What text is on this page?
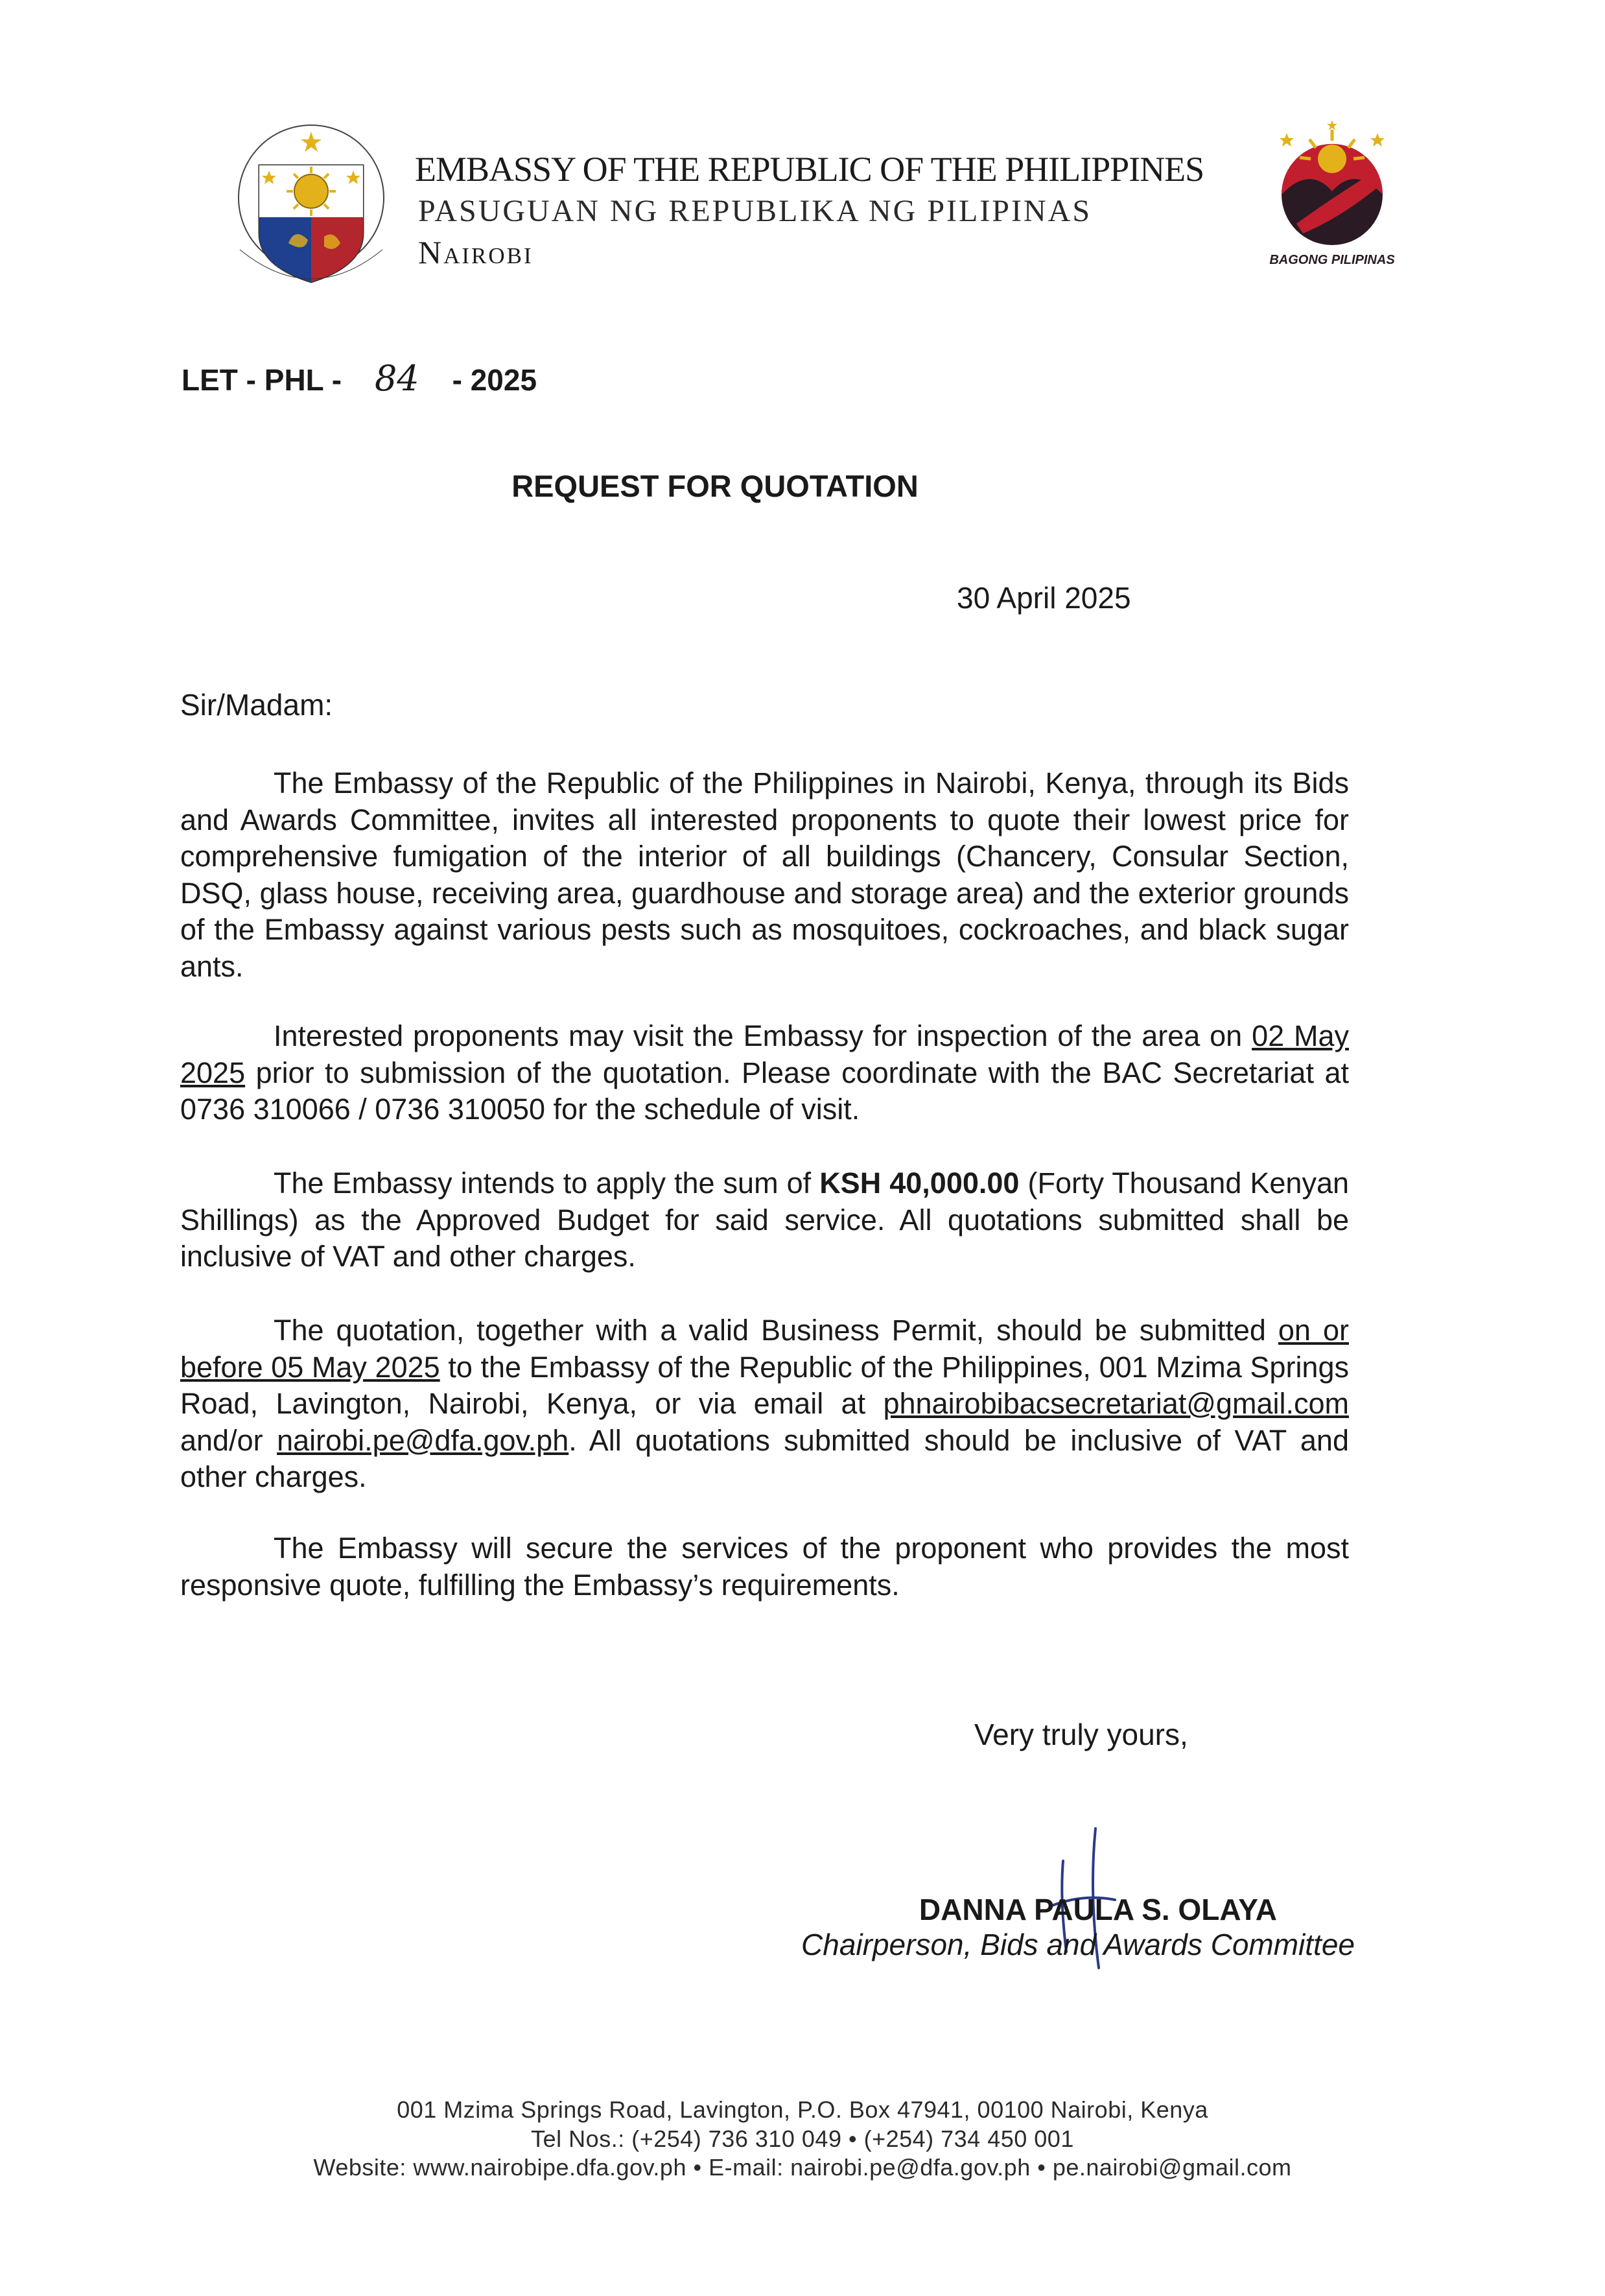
EMBASSY OF THE REPUBLIC OF THE PHILIPPINES
PASUGUAN NG REPUBLIKA NG PILIPINAS
Nairobi	BAGONG PILIPINAS
LET - PHL - 84 - 2025
REQUEST FOR QUOTATION
30 April 2025
Sir/Madam:

The Embassy of the Republic of the Philippines in Nairobi, Kenya, through its Bids and Awards Committee, invites all interested proponents to quote their lowest price for comprehensive fumigation of the interior of all buildings (Chancery, Consular Section, DSQ, glass house, receiving area, guardhouse and storage area) and the exterior grounds of the Embassy against various pests such as mosquitoes, cockroaches, and black sugar ants.

Interested proponents may visit the Embassy for inspection of the area on 02 May 2025 prior to submission of the quotation. Please coordinate with the BAC Secretariat at 0736 310066 / 0736 310050 for the schedule of visit.

The Embassy intends to apply the sum of KSH 40,000.00 (Forty Thousand Kenyan Shillings) as the Approved Budget for said service. All quotations submitted shall be inclusive of VAT and other charges.

The quotation, together with a valid Business Permit, should be submitted on or before 05 May 2025 to the Embassy of the Republic of the Philippines, 001 Mzima Springs Road, Lavington, Nairobi, Kenya, or via email at phnairobibacsecretariat@gmail.com and/or nairobi.pe@dfa.gov.ph. All quotations submitted should be inclusive of VAT and other charges.

The Embassy will secure the services of the proponent who provides the most responsive quote, fulfilling the Embassy’s requirements.

Very truly yours,
DANNA PAULA S. OLAYA
Chairperson, Bids and Awards Committee
001 Mzima Springs Road, Lavington, P.O. Box 47941, 00100 Nairobi, Kenya
Tel Nos.: (+254) 736 310 049 • (+254) 734 450 001
Website: www.nairobipe.dfa.gov.ph • E-mail: nairobi.pe@dfa.gov.ph • pe.nairobi@gmail.com
